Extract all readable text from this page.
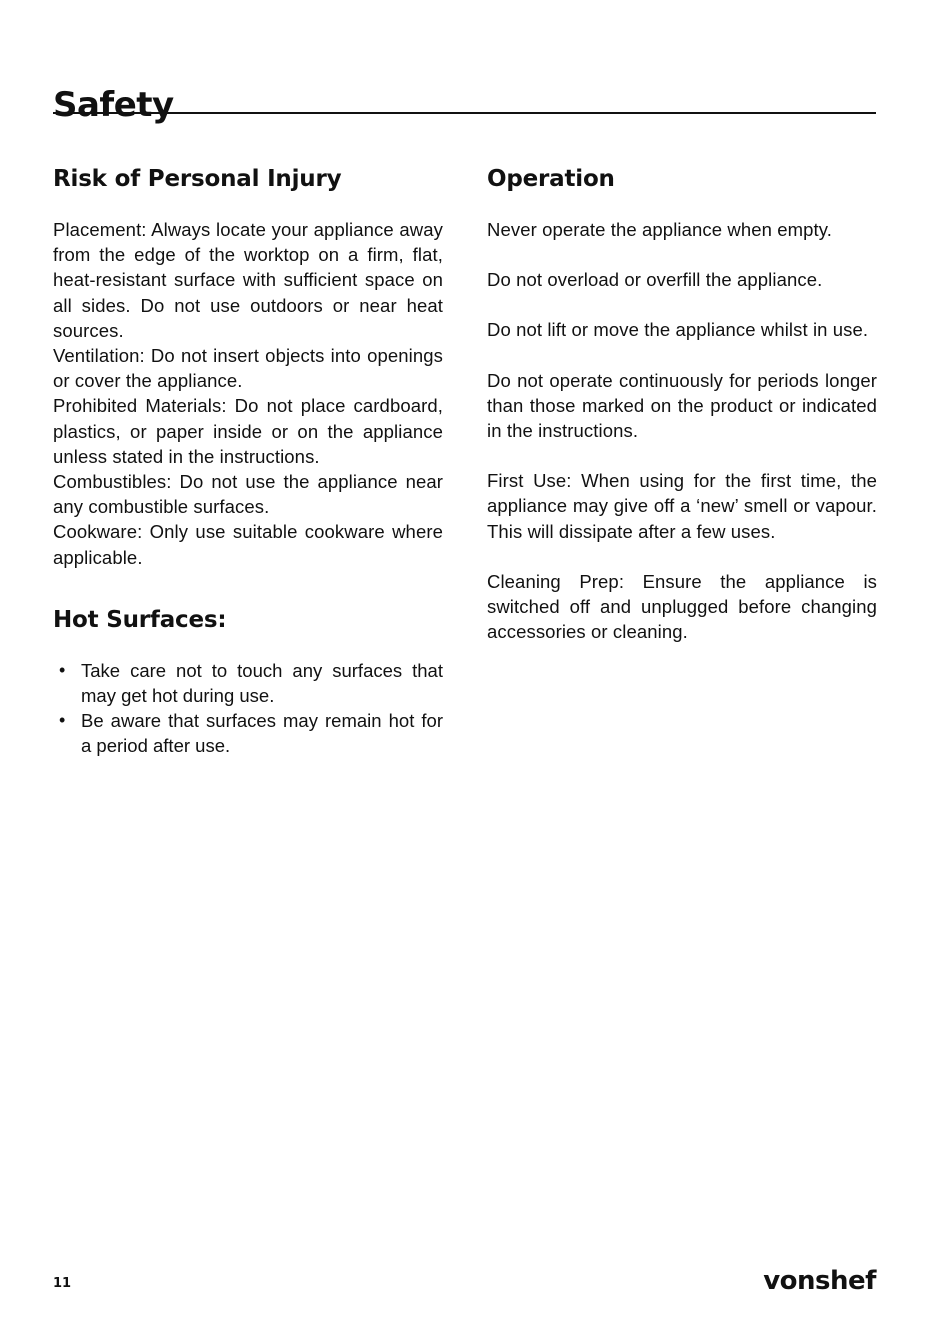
Safety
Risk of Personal Injury

Placement: Always locate your appliance away from the edge of the worktop on a firm, flat, heat-resistant surface with sufficient space on all sides. Do not use outdoors or near heat sources.

Ventilation: Do not insert objects into openings or cover the appliance.

Prohibited Materials: Do not place cardboard, plastics, or paper inside or on the appliance unless stated in the instructions.

Combustibles: Do not use the appliance near any combustible surfaces.

Cookware: Only use suitable cookware where applicable.

Hot Surfaces:
• Take care not to touch any surfaces that may get hot during use.
• Be aware that surfaces may remain hot for a period after use.
Operation

Never operate the appliance when empty.

Do not overload or overfill the appliance.

Do not lift or move the appliance whilst in use.

Do not operate continuously for periods longer than those marked on the product or indicated in the instructions.

First Use: When using for the first time, the appliance may give off a ‘new’ smell or vapour. This will dissipate after a few uses.

Cleaning Prep: Ensure the appliance is switched off and unplugged before changing accessories or cleaning.

11	vonshef
